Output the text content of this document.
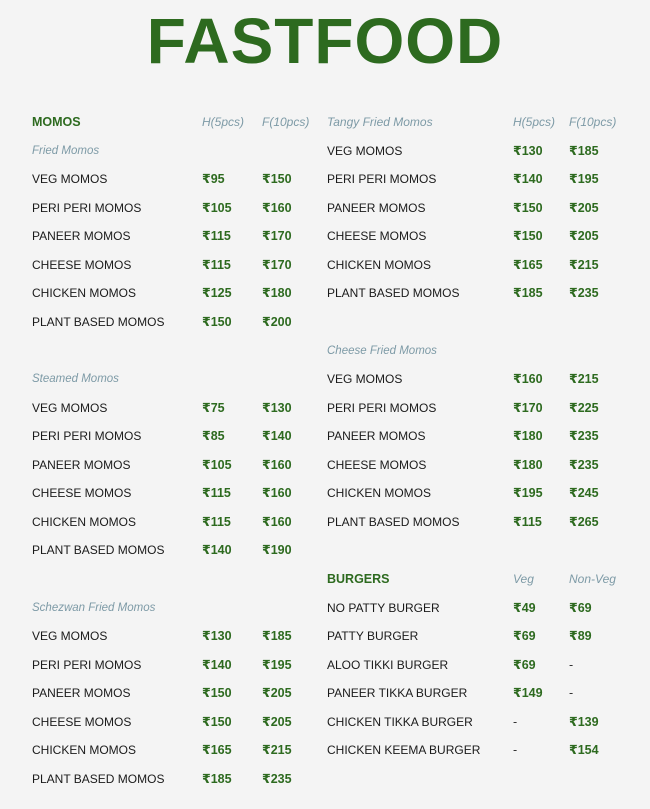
FASTFOOD
MOMOS	H(5pcs) F(10pcs)
Fried Momos
VEG MOMOS	₹95	₹150
PERI PERI MOMOS	₹105 ₹160
PANEER MOMOS	₹115 ₹170
CHEESE MOMOS	₹115 ₹170
CHICKEN MOMOS	₹125 ₹180
PLANT BASED MOMOS	₹150 ₹200
Steamed Momos
VEG MOMOS	₹75	₹130
PERI PERI MOMOS	₹85	₹140
PANEER MOMOS	₹105 ₹160
CHEESE MOMOS	₹115 ₹160
CHICKEN MOMOS	₹115 ₹160
PLANT BASED MOMOS	₹140 ₹190
Schezwan Fried Momos
VEG MOMOS	₹130 ₹185
PERI PERI MOMOS	₹140 ₹195
PANEER MOMOS	₹150 ₹205
CHEESE MOMOS	₹150 ₹205
CHICKEN MOMOS	₹165 ₹215
PLANT BASED MOMOS	₹185 ₹235
Tangy Fried Momos	H(5pcs) F(10pcs)
VEG MOMOS	₹130 ₹185
PERI PERI MOMOS	₹140 ₹195
PANEER MOMOS	₹150 ₹205
CHEESE MOMOS	₹150 ₹205
CHICKEN MOMOS	₹165 ₹215
PLANT BASED MOMOS	₹185 ₹235
Cheese Fried Momos
VEG MOMOS	₹160 ₹215
PERI PERI MOMOS	₹170 ₹225
PANEER MOMOS	₹180 ₹235
CHEESE MOMOS	₹180 ₹235
CHICKEN MOMOS	₹195 ₹245
PLANT BASED MOMOS	₹115 ₹265
BURGERS	Veg	Non-Veg
NO PATTY BURGER	₹49	₹69
PATTY BURGER	₹69	₹89
ALOO TIKKI BURGER	₹69	-
PANEER TIKKA BURGER	₹149 -
CHICKEN TIKKA BURGER	-	₹139
CHICKEN KEEMA BURGER	-	₹154
